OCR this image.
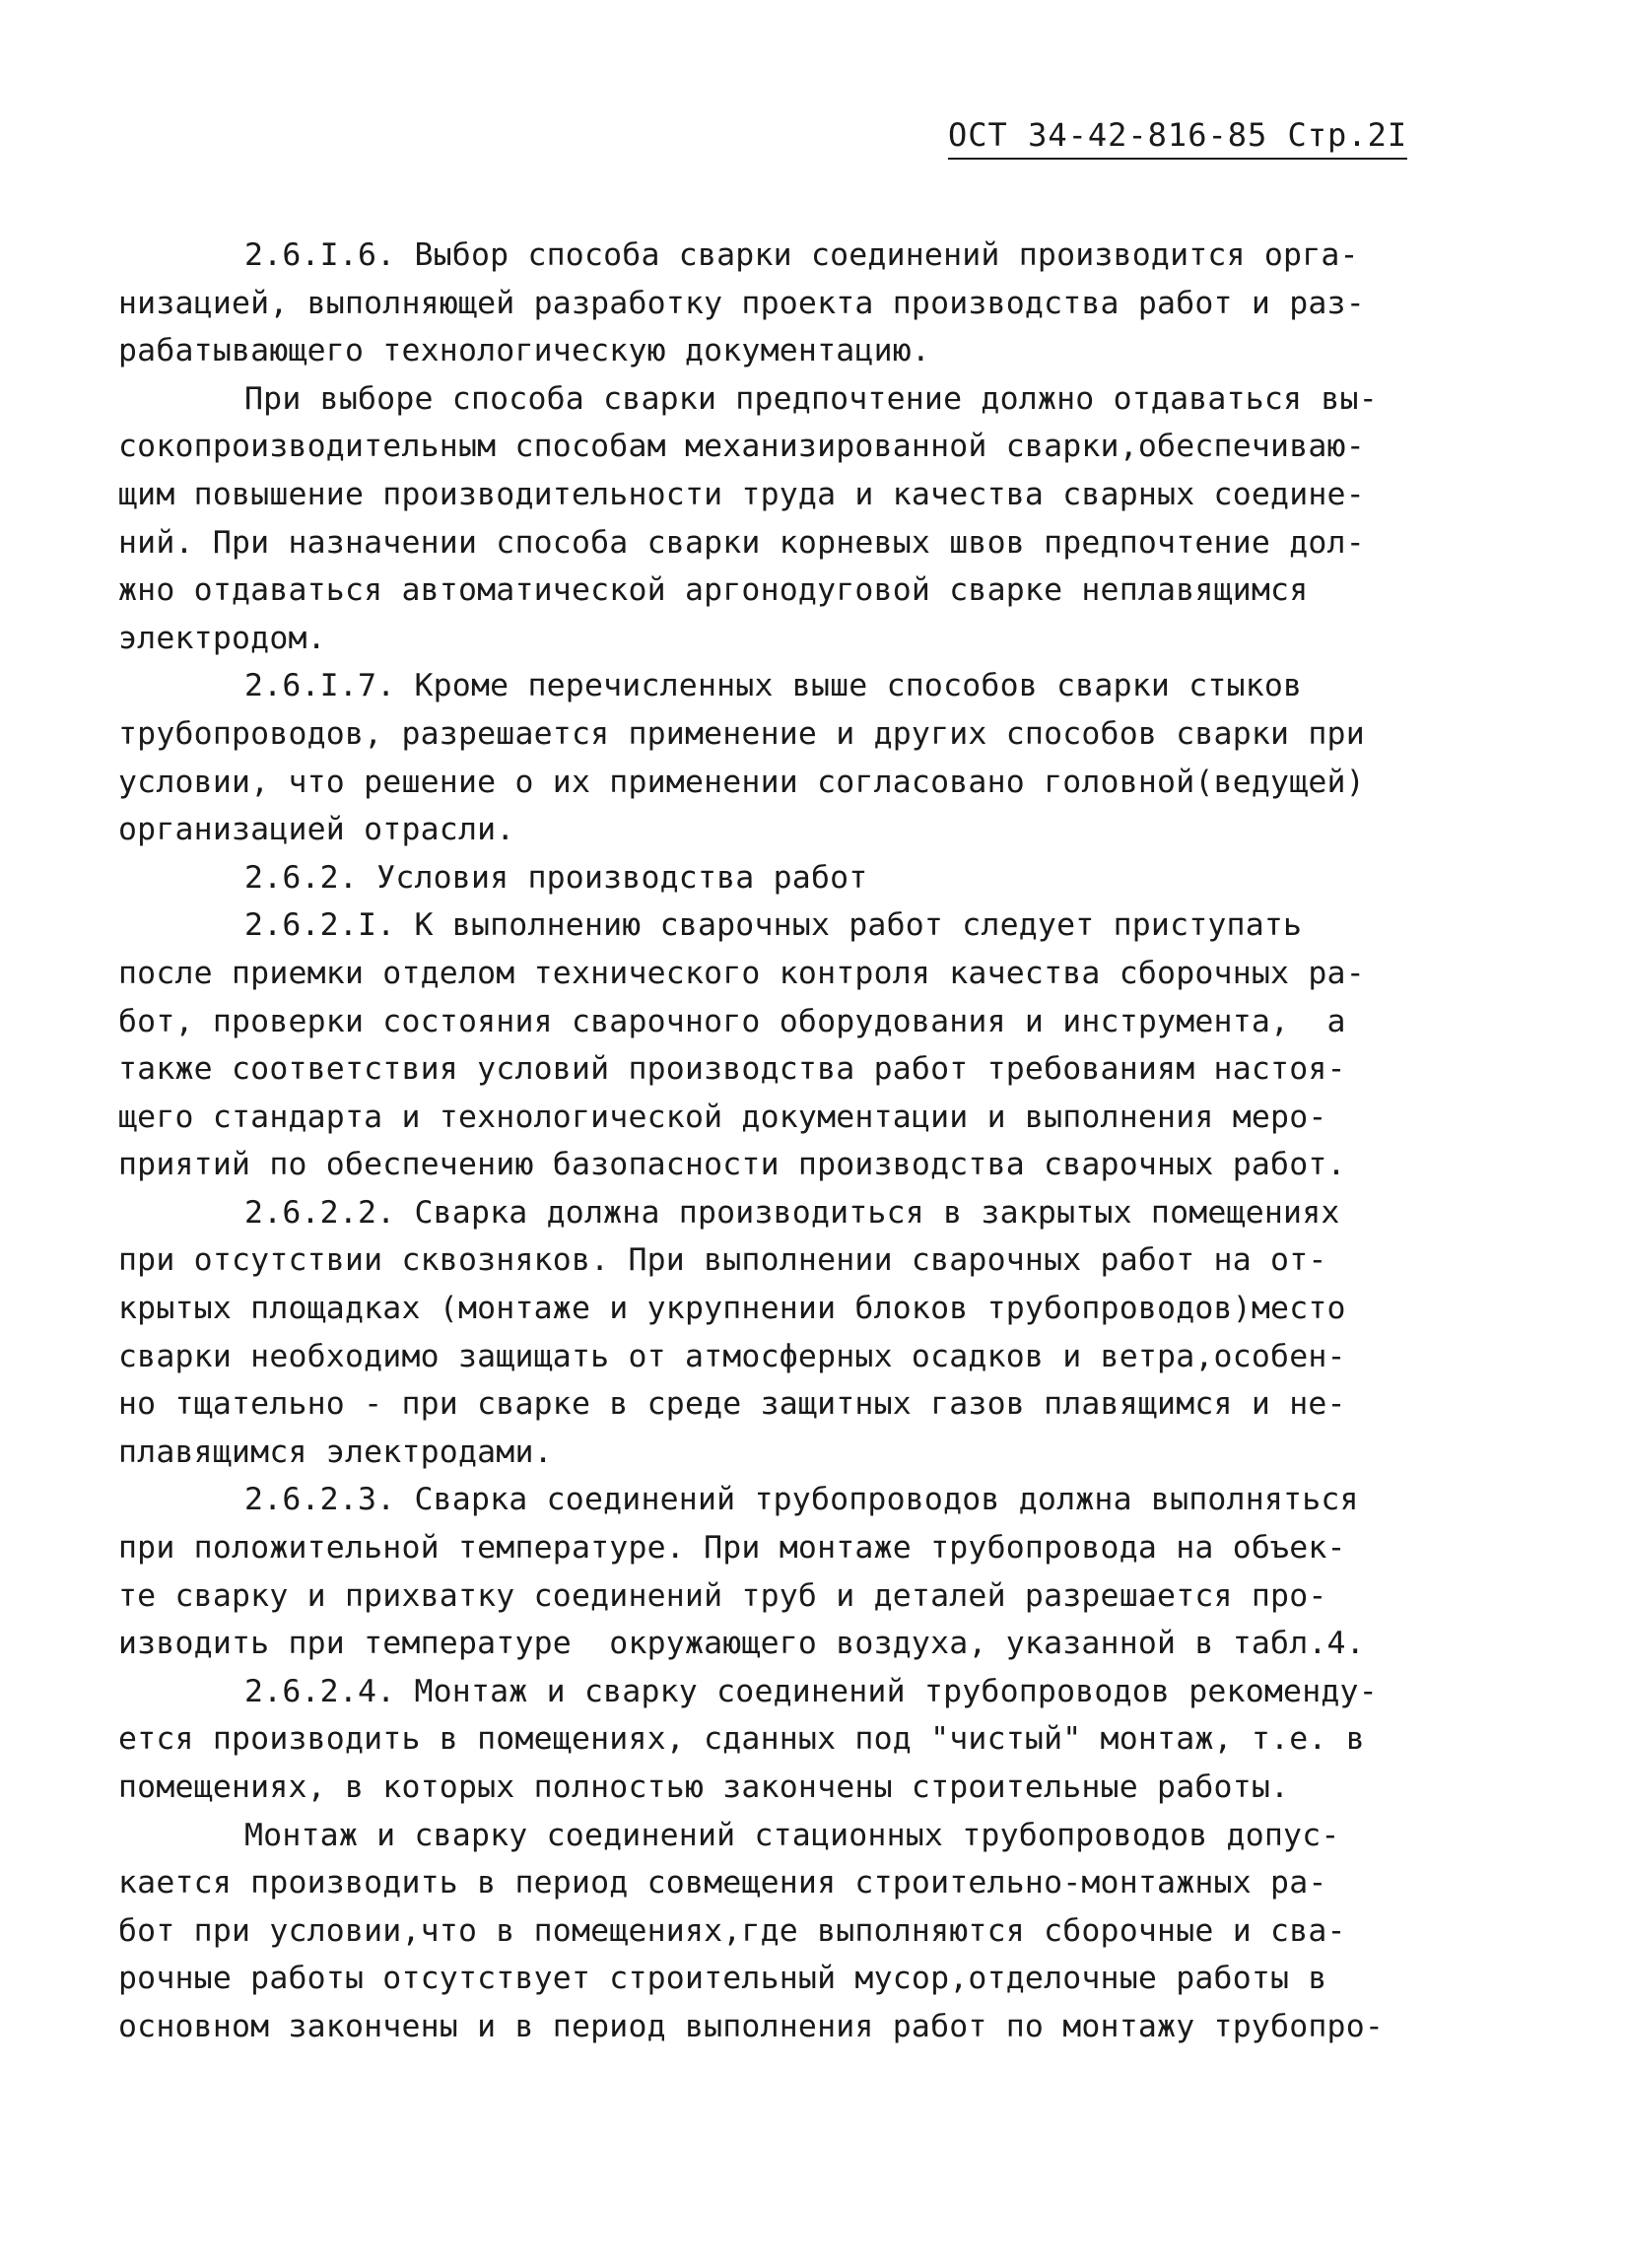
ОСТ 34-42-816-85 Стр.2I
2.6.I.6. Выбор способа сварки соединений производится орга-
низацией, выполняющей разработку проекта производства работ и раз-
рабатывающего технологическую документацию.
При выборе способа сварки предпочтение должно отдаваться вы-
сокопроизводительным способам механизированной сварки,обеспечиваю-
щим повышение производительности труда и качества сварных соедине-
ний. При назначении способа сварки корневых швов предпочтение дол-
жно отдаваться автоматической аргонодуговой сварке неплавящимся
электродом.
2.6.I.7. Кроме перечисленных выше способов сварки стыков
трубопроводов, разрешается применение и других способов сварки при
условии, что решение о их применении согласовано головной(ведущей)
организацией отрасли.
2.6.2. Условия производства работ
2.6.2.I. К выполнению сварочных работ следует приступать
после приемки отделом технического контроля качества сборочных ра-
бот, проверки состояния сварочного оборудования и инструмента,  а
также соответствия условий производства работ требованиям настоя-
щего стандарта и технологической документации и выполнения меро-
приятий по обеспечению базопасности производства сварочных работ.
2.6.2.2. Сварка должна производиться в закрытых помещениях
при отсутствии сквозняков. При выполнении сварочных работ на от-
крытых площадках (монтаже и укрупнении блоков трубопроводов)место
сварки необходимо защищать от атмосферных осадков и ветра,особен-
но тщательно - при сварке в среде защитных газов плавящимся и не-
плавящимся электродами.
2.6.2.3. Сварка соединений трубопроводов должна выполняться
при положительной температуре. При монтаже трубопровода на объек-
те сварку и прихватку соединений труб и деталей разрешается про-
изводить при температуре  окружающего воздуха, указанной в табл.4.
2.6.2.4. Монтаж и сварку соединений трубопроводов рекоменду-
ется производить в помещениях, сданных под "чистый" монтаж, т.е. в
помещениях, в которых полностью закончены строительные работы.
Монтаж и сварку соединений стационных трубопроводов допус-
кается производить в период совмещения строительно-монтажных ра-
бот при условии,что в помещениях,где выполняются сборочные и сва-
рочные работы отсутствует строительный мусор,отделочные работы в
основном закончены и в период выполнения работ по монтажу трубопро-
